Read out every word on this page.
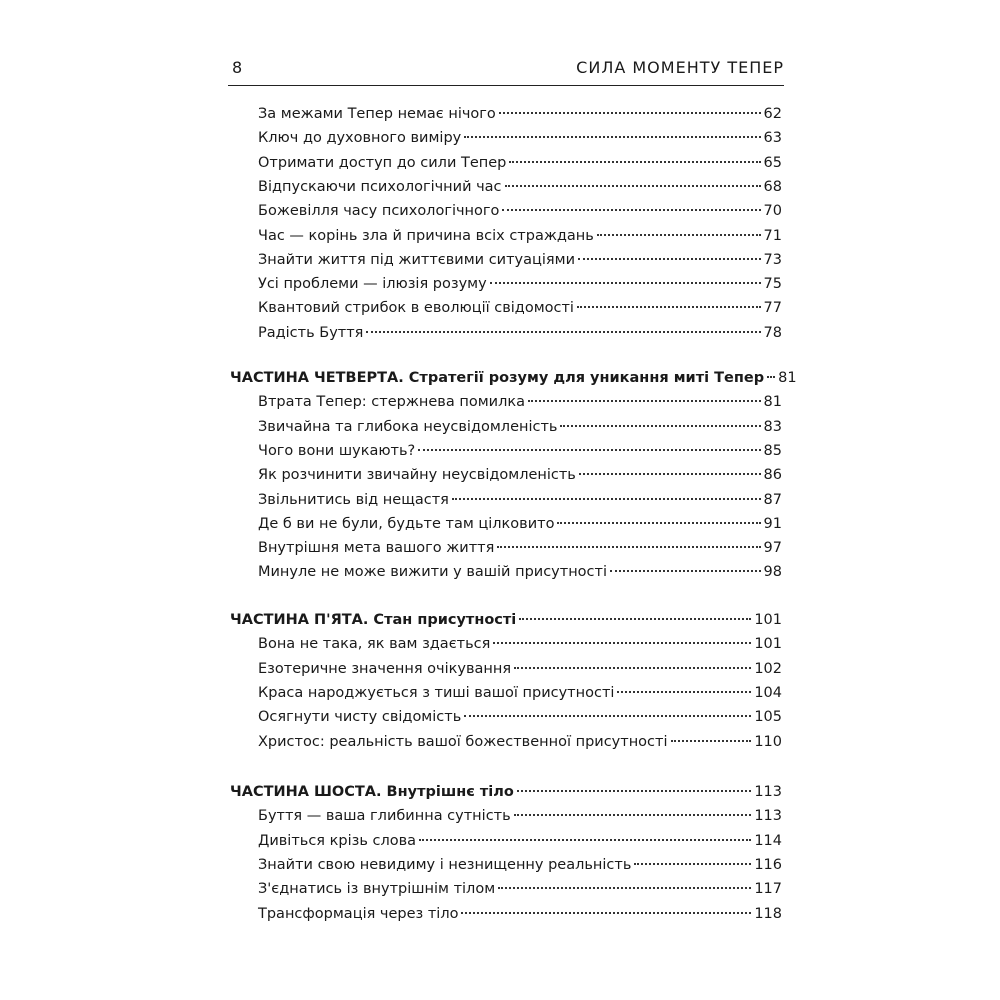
8	СИЛА МОМЕНТУ ТЕПЕР
За межами Тепер немає нічого	62
Ключ до духовного виміру	63
Отримати доступ до сили Тепер	65
Відпускаючи психологічний час	68
Божевілля часу психологічного	70
Час — корінь зла й причина всіх страждань	71
Знайти життя під життєвими ситуаціями	73
Усі проблеми — ілюзія розуму	75
Квантовий стрибок в еволюції свідомості	77
Радість Буття	78
ЧАСТИНА ЧЕТВЕРТА. Стратегії розуму для уникання миті Тепер 81
Втрата Тепер: стержнева помилка	81
Звичайна та глибока неусвідомленість	83
Чого вони шукають?	85
Як розчинити звичайну неусвідомленість	86
Звільнитись від нещастя	87
Де б ви не були, будьте там цілковито	91
Внутрішня мета вашого життя	97
Минуле не може вижити у вашій присутності	98
ЧАСТИНА П'ЯТА. Стан присутності	101
Вона не така, як вам здається	101
Езотеричне значення очікування	102
Краса народжується з тиші вашої присутності	104
Осягнути чисту свідомість	105
Христос: реальність вашої божественної присутності	110
ЧАСТИНА ШОСТА. Внутрішнє тіло	113
Буття — ваша глибинна сутність	113
Дивіться крізь слова	114
Знайти свою невидиму і незнищенну реальність	116
З'єднатись із внутрішнім тілом	117
Трансформація через тіло	118
